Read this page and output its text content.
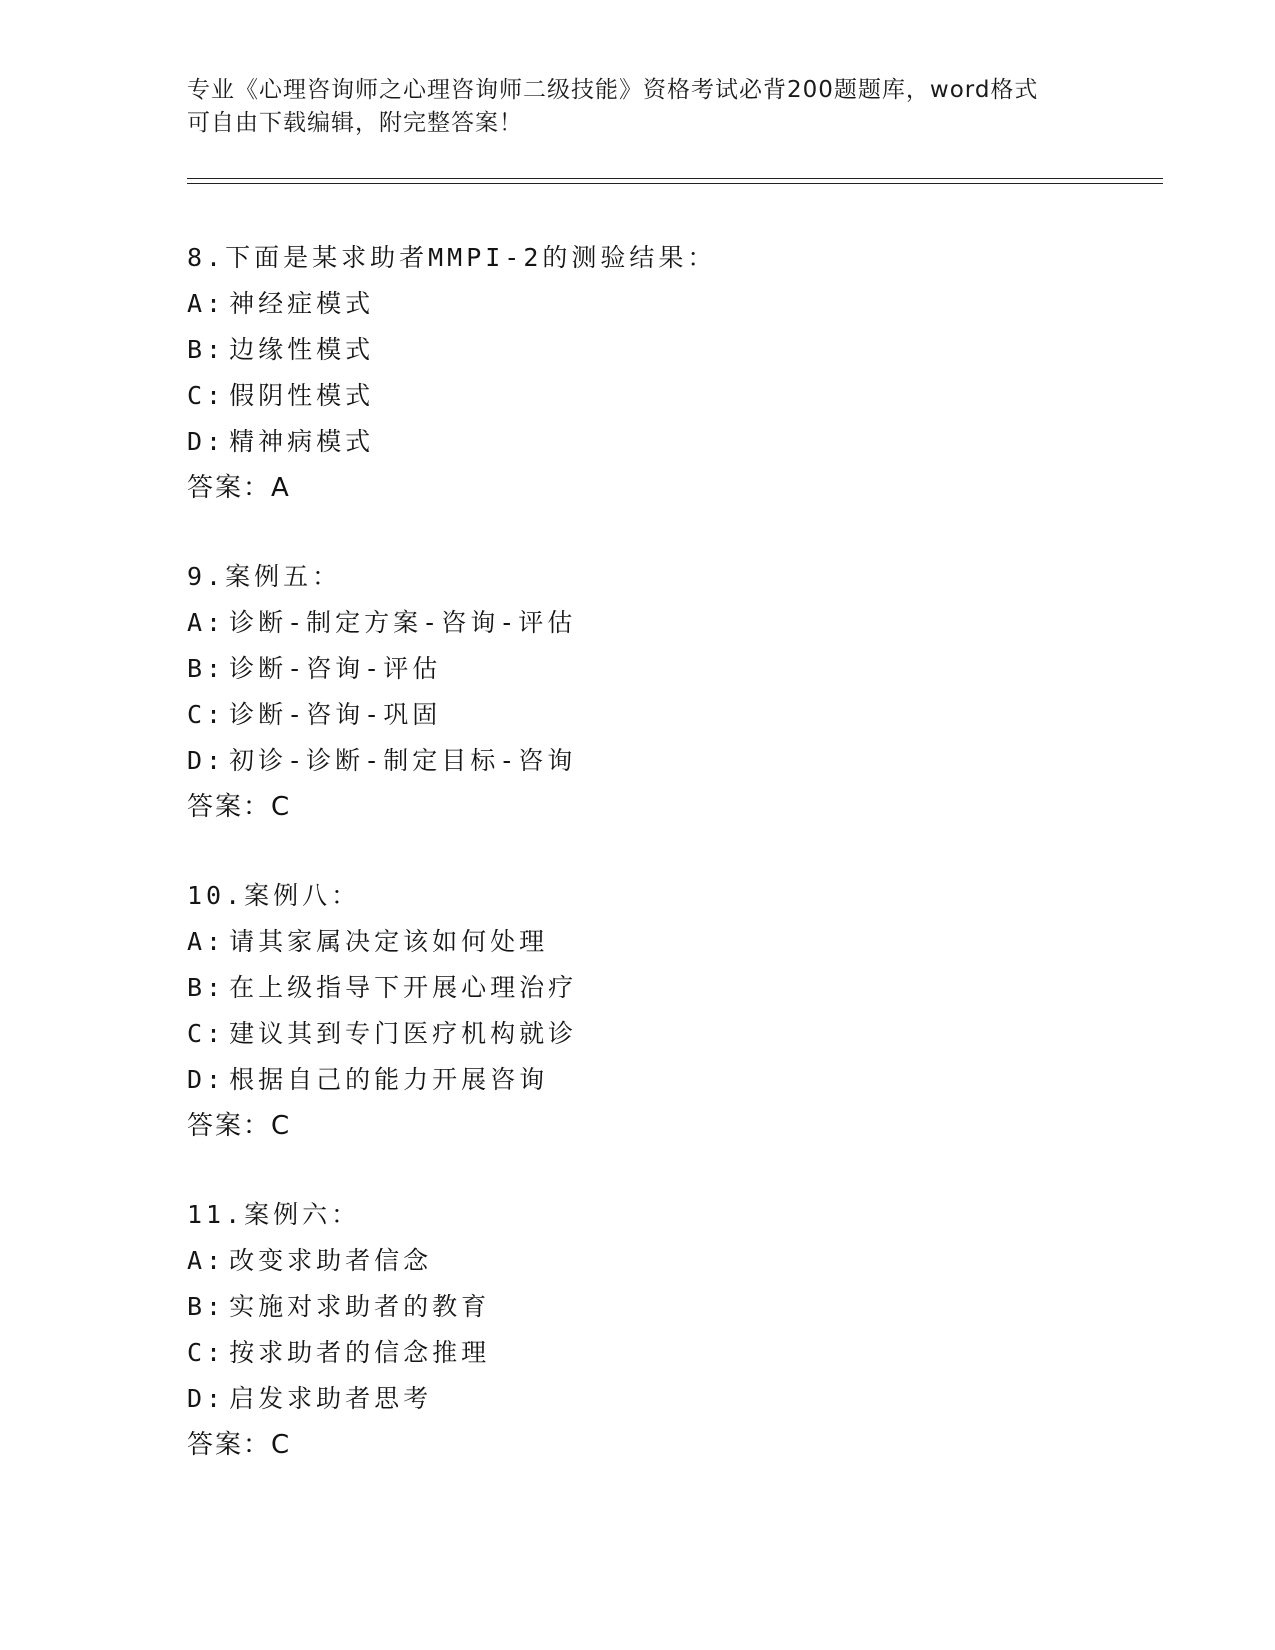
专业《心理咨询师之心理咨询师二级技能》资格考试必背200题题库，word格式
可自由下载编辑，附完整答案！
8.下面是某求助者MMPI-2的测验结果：
A: 神经症模式
B: 边缘性模式
C: 假阴性模式
D: 精神病模式
答案：A
9.案例五：
A: 诊断-制定方案-咨询-评估
B: 诊断-咨询-评估
C: 诊断-咨询-巩固
D: 初诊-诊断-制定目标-咨询
答案：C
10.案例八：
A: 请其家属决定该如何处理
B: 在上级指导下开展心理治疗
C: 建议其到专门医疗机构就诊
D: 根据自己的能力开展咨询
答案：C
11.案例六：
A: 改变求助者信念
B: 实施对求助者的教育
C: 按求助者的信念推理
D: 启发求助者思考
答案：C
